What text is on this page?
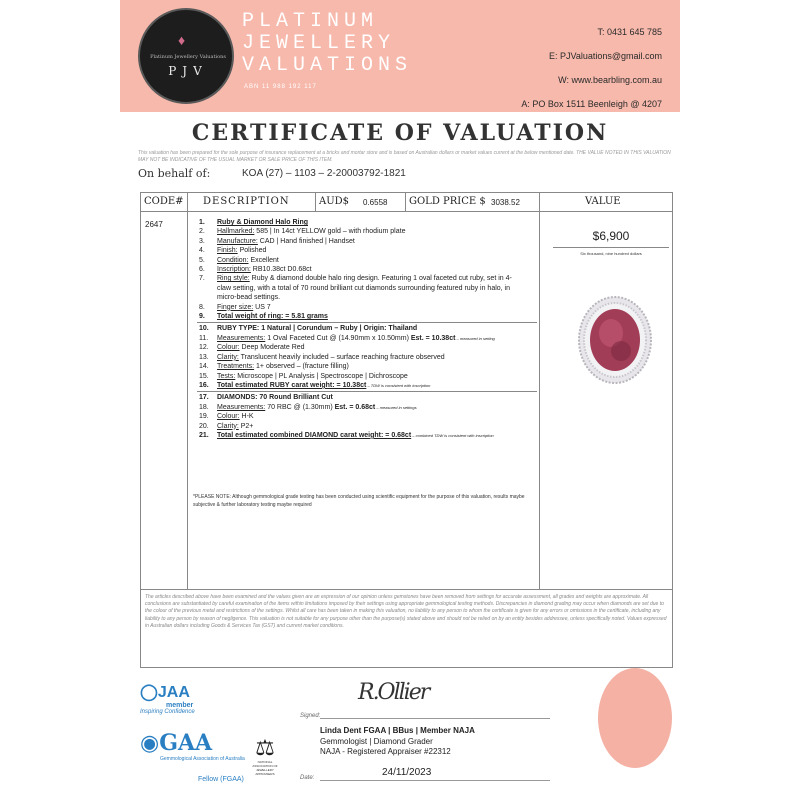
♦
Platinum Jewellery Valuations
PJV
PLATINUM
JEWELLERY
VALUATIONS
ABN 11 988 192 117
T: 0431 645 785
E: PJValuations@gmail.com
W: www.bearbling.com.au
A: PO Box 1511 Beenleigh @ 4207
CERTIFICATE OF VALUATION
This valuation has been prepared for the sole purpose of insurance replacement at a bricks and mortar store and is based on Australian dollars or market values current at the below mentioned date. THE VALUE NOTED IN THIS VALUATION MAY NOT BE INDICATIVE OF THE USUAL MARKET OR SALE PRICE OF THIS ITEM.
On behalf of:	KOA (27) – 1103 – 2-20003792-1821
CODE# DESCRIPTION	AUD$ 0.6558 GOLD PRICE $ 3038.52	VALUE
2647	1. Ruby & Diamond Halo Ring
2. Hallmarked: 585 | In 14ct YELLOW gold – with rhodium plate
3. Manufacture: CAD | Hand finished | Handset
4. Finish: Polished
5. Condition: Excellent
6. Inscription: RB10.38ct D0.68ct
7. Ring style: Ruby & diamond double halo ring design. Featuring 1 oval faceted cut ruby, set in 4-
claw setting, with a total of 70 round brilliant cut diamonds surrounding featured ruby in halo, in
micro-bead settings.
8. Finger size: US 7
9. Total weight of ring: = 5.81 grams
10. RUBY TYPE: 1 Natural | Corundum – Ruby | Origin: Thailand
11. Measurements: 1 Oval Faceted Cut @ (14.90mm x 10.50mm) Est. = 10.38ct – measured in setting
12. Colour: Deep Moderate Red
13. Clarity: Translucent heavily included – surface reaching fracture observed
14. Treatments: 1+ observed – (fracture filling)
15. Tests: Microscope | PL Analysis | Spectroscope | Dichroscope
16. Total estimated RUBY carat weight: = 10.38ct – TDW is consistent with inscription
17. DIAMONDS: 70 Round Brilliant Cut
18. Measurements: 70 RBC @ (1.30mm) Est. = 0.68ct – measured in settings
19. Colour: H-K
20. Clarity: P2+
21. Total estimated combined DIAMOND carat weight: = 0.68ct – combined TDW is consistent with inscription
*PLEASE NOTE: Although gemmological grade testing has been conducted using scientific equipment for the purpose of this valuation, results maybe subjective & further laboratory testing maybe required
$6,900
Six thousand, nine hundred dollars
The articles described above have been examined and the values given are an expression of our opinion unless gemstones have been removed from settings for accurate assessment, all grades and weights are approximate. All conclusions are substantiated by careful examination of the items within limitations imposed by their settings using appropriate gemmological testing methods. Discrepancies in diamond grading may occur when diamonds are set due to the colour of the previous metal and restrictions of the settings. Whilst all care has been taken in making this valuation, no liability to any person to whom the certificate is given for any errors or omissions in the certificate, including any liability to any person by reason of negligence. This valuation is not suitable for any purpose other than the purpose(s) stated above and should not be relied on by an entity besides addressee, unless specifically noted. Values expressed in Australian dollars including Goods & Services Tax (GST) and current market conditions.
◯JAA
member
Inspiring Confidence
◉GAA
Gemmological Association of Australia
Fellow (FGAA)
⚖
NATIONAL ASSOCIATION OF JEWELLERY APPRAISERS
R.Ollier
Signed:
Linda Dent FGAA | BBus | Member NAJA
Gemmologist | Diamond Grader
NAJA - Registered Appraiser #22312
24/11/2023
Date:
